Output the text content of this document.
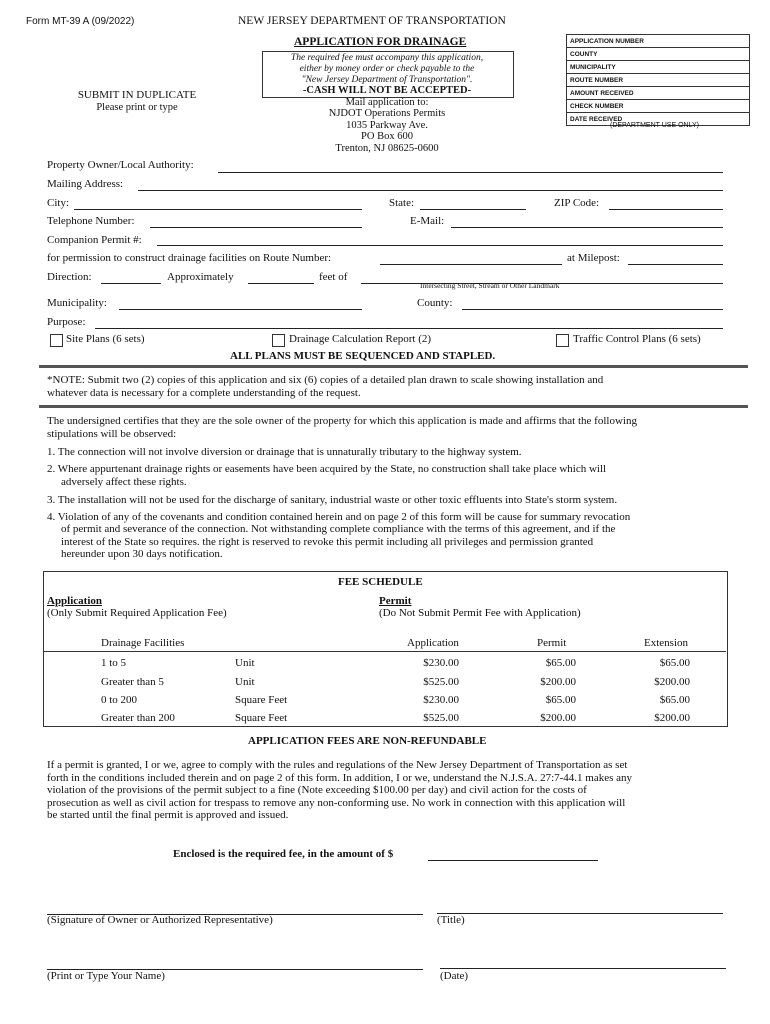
Form MT-39 A (09/2022)	NEW JERSEY DEPARTMENT OF TRANSPORTATION
APPLICATION FOR DRAINAGE
SUBMIT IN DUPLICATE
Please print or type
The required fee must accompany this application,
either by money order or check payable to the
"New Jersey Department of Transportation".
-CASH WILL NOT BE ACCEPTED-
Mail application to:
NJDOT Operations Permits
1035 Parkway Ave.
PO Box 600
Trenton, NJ 08625-0600
APPLICATION NUMBER
COUNTY
MUNICIPALITY
ROUTE NUMBER
AMOUNT RECEIVED
CHECK NUMBER
DATE RECEIVED
(DEPARTMENT USE ONLY)
Property Owner/Local Authority:
Mailing Address:
City:	State:	ZIP Code:
Telephone Number:	E-Mail:
Companion Permit #:
for permission to construct drainage facilities on Route Number:	at Milepost:
Direction:	Approximately	feet of
Intersecting Street, Stream or Other Landmark
Municipality:	County:
Purpose:
Site Plans (6 sets)	Drainage Calculation Report (2)	Traffic Control Plans (6 sets)
ALL PLANS MUST BE SEQUENCED AND STAPLED.
*NOTE: Submit two (2) copies of this application and six (6) copies of a detailed plan drawn to scale showing installation and
whatever data is necessary for a complete understanding of the request.
The undersigned certifies that they are the sole owner of the property for which this application is made and affirms that the following
stipulations will be observed:
1. The connection will not involve diversion or drainage that is unnaturally tributary to the highway system.
2. Where appurtenant drainage rights or easements have been acquired by the State, no construction shall take place which will
adversely affect these rights.
3. The installation will not be used for the discharge of sanitary, industrial waste or other toxic effluents into State's storm system.
4. Violation of any of the covenants and condition contained herein and on page 2 of this form will be cause for summary revocation
of permit and severance of the connection. Not withstanding complete compliance with the terms of this agreement, and if the
interest of the State so requires. the right is reserved to revoke this permit including all privileges and permission granted
hereunder upon 30 days notification.
FEE SCHEDULE
Application
(Only Submit Required Application Fee)
Permit
(Do Not Submit Permit Fee with Application)
Drainage Facilities	Application	Permit	Extension
1 to 5	Unit	$230.00	$65.00	$65.00
Greater than 5	Unit	$525.00	$200.00	$200.00
0 to 200	Square Feet	$230.00	$65.00	$65.00
Greater than 200	Square Feet	$525.00	$200.00	$200.00
APPLICATION FEES ARE NON-REFUNDABLE
If a permit is granted, I or we, agree to comply with the rules and regulations of the New Jersey Department of Transportation as set
forth in the conditions included therein and on page 2 of this form. In addition, I or we, understand the N.J.S.A. 27:7-44.1 makes any
violation of the provisions of the permit subject to a fine (Note exceeding $100.00 per day) and civil action for the costs of
prosecution as well as civil action for trespass to remove any non-conforming use. No work in connection with this application will
be started until the final permit is approved and issued.
Enclosed is the required fee, in the amount of $
(Signature of Owner or Authorized Representative)	(Title)
(Print or Type Your Name)	(Date)
